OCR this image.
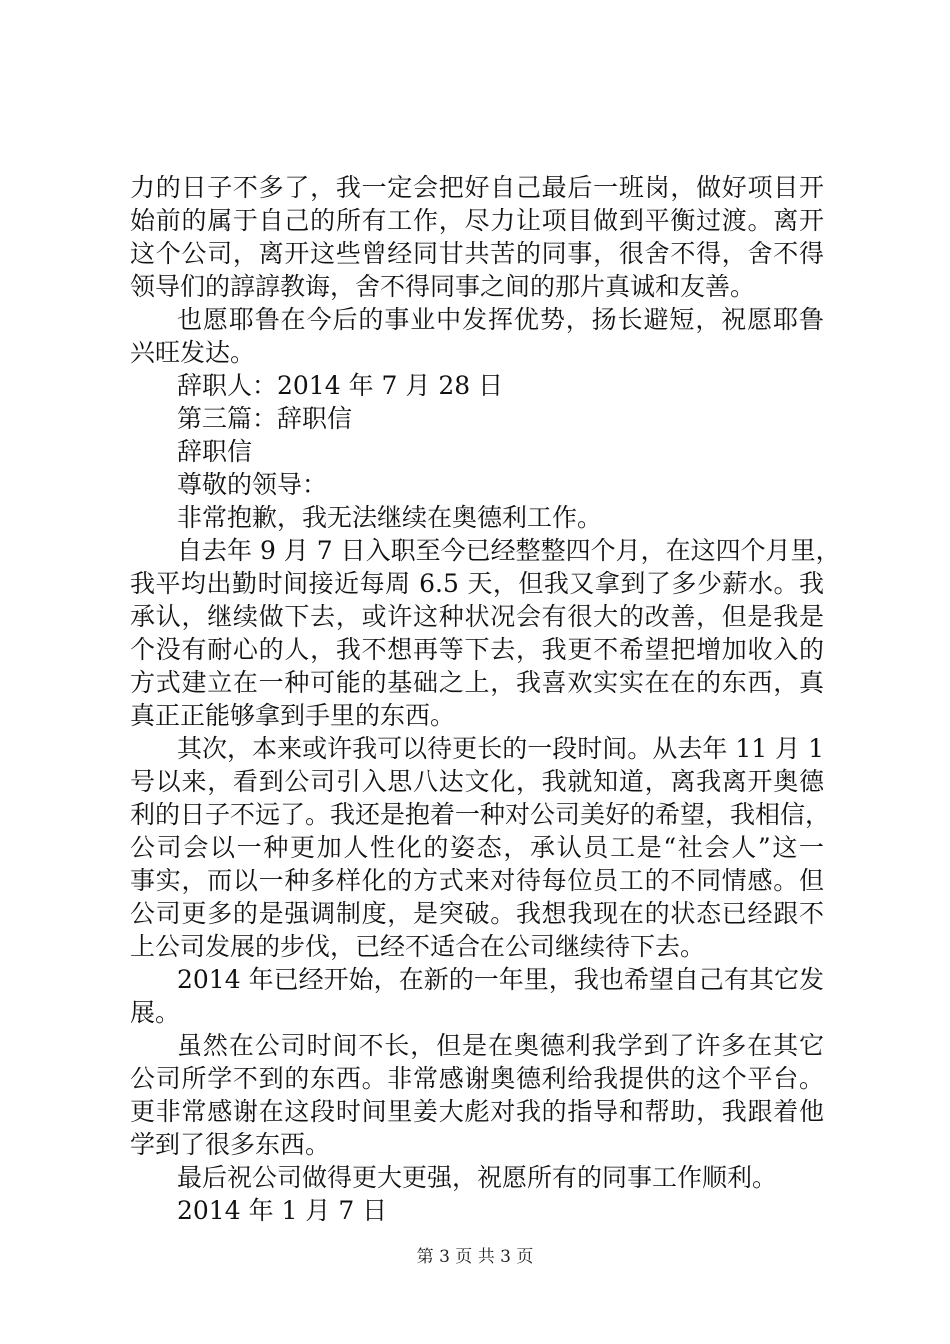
力的日子不多了，我一定会把好自己最后一班岗，做好项目开
始前的属于自己的所有工作，尽力让项目做到平衡过渡。离开
这个公司，离开这些曾经同甘共苦的同事，很舍不得，舍不得
领导们的諄諄教诲，舍不得同事之间的那片真诚和友善。
也愿耶鲁在今后的事业中发挥优势，扬长避短，祝愿耶鲁
兴旺发达。
辞职人：2014 年 7 月 28 日
第三篇：辞职信
辞职信
尊敬的领导：
非常抱歉，我无法继续在奥德利工作。
自去年 9 月 7 日入职至今已经整整四个月，在这四个月里，
我平均出勤时间接近每周 6.5 天，但我又拿到了多少薪水。我
承认，继续做下去，或许这种状况会有很大的改善，但是我是
个没有耐心的人，我不想再等下去，我更不希望把增加收入的
方式建立在一种可能的基础之上，我喜欢实实在在的东西，真
真正正能够拿到手里的东西。
其次，本来或许我可以待更长的一段时间。从去年 11 月 1
号以来，看到公司引入思八达文化，我就知道，离我离开奥德
利的日子不远了。我还是抱着一种对公司美好的希望，我相信，
公司会以一种更加人性化的姿态，承认员工是“社会人”这一
事实，而以一种多样化的方式来对待每位员工的不同情感。但
公司更多的是强调制度，是突破。我想我现在的状态已经跟不
上公司发展的步伐，已经不适合在公司继续待下去。
2014 年已经开始，在新的一年里，我也希望自己有其它发
展。
虽然在公司时间不长，但是在奥德利我学到了许多在其它
公司所学不到的东西。非常感谢奥德利给我提供的这个平台。
更非常感谢在这段时间里姜大彪对我的指导和帮助，我跟着他
学到了很多东西。
最后祝公司做得更大更强，祝愿所有的同事工作顺利。
2014 年 1 月 7 日
第 3 页 共 3 页
